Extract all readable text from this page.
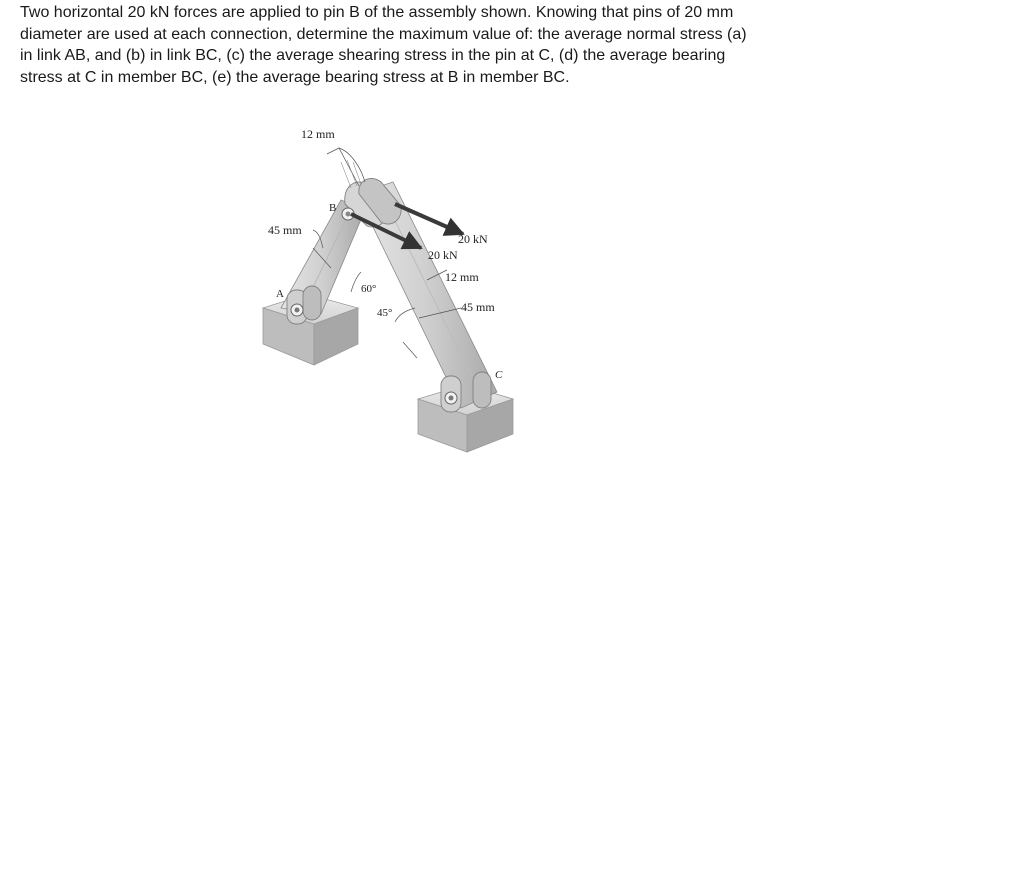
Two horizontal 20 kN forces are applied to pin B of the assembly shown. Knowing that pins of 20 mm diameter are used at each connection, determine the maximum value of: the average normal stress (a) in link AB, and (b) in link BC, (c) the average shearing stress in the pin at C, (d) the average bearing stress at C in member BC, (e) the average bearing stress at B in member BC.

12 mm
45 mm
B
A
C
20 kN
20 kN
12 mm
45 mm
60°
45°
